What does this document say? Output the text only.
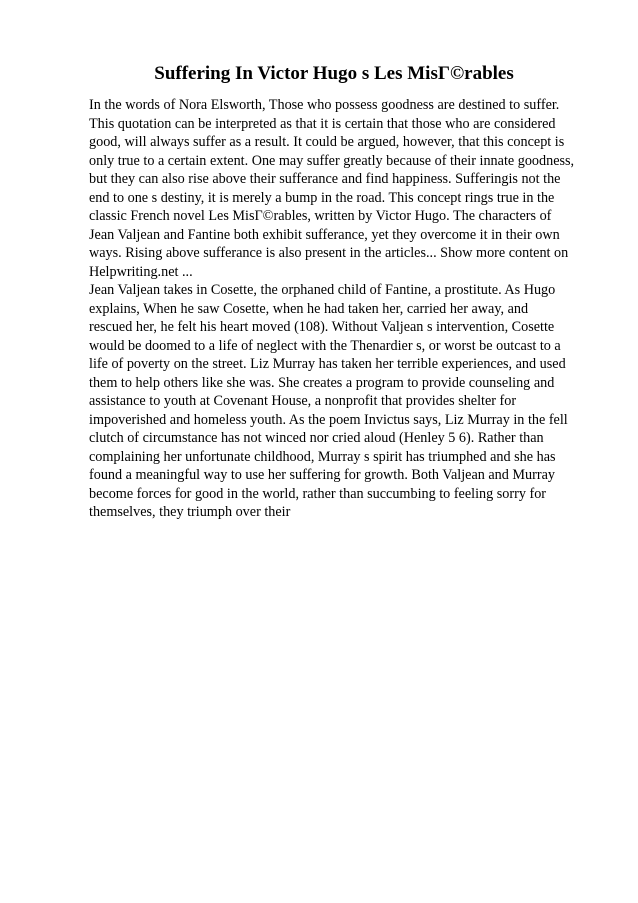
Suffering In Victor Hugo s Les MisГ©rables

In the words of Nora Elsworth, Those who possess goodness are destined to suffer.
This quotation can be interpreted as that it is certain that those who are considered
good, will always suffer as a result. It could be argued, however, that this concept is
only true to a certain extent. One may suffer greatly because of their innate goodness,
but they can also rise above their sufferance and find happiness. Sufferingis not the
end to one s destiny, it is merely a bump in the road. This concept rings true in the
classic French novel Les MisГ©rables, written by Victor Hugo. The characters of
Jean Valjean and Fantine both exhibit sufferance, yet they overcome it in their own
ways. Rising above sufferance is also present in the articles... Show more content on
Helpwriting.net ...

Jean Valjean takes in Cosette, the orphaned child of Fantine, a prostitute. As Hugo
explains, When he saw Cosette, when he had taken her, carried her away, and
rescued her, he felt his heart moved (108). Without Valjean s intervention, Cosette
would be doomed to a life of neglect with the Thenardier s, or worst be outcast to a
life of poverty on the street. Liz Murray has taken her terrible experiences, and used
them to help others like she was. She creates a program to provide counseling and
assistance to youth at Covenant House, a nonprofit that provides shelter for
impoverished and homeless youth. As the poem Invictus says, Liz Murray in the fell
clutch of circumstance has not winced nor cried aloud (Henley 5 6). Rather than
complaining her unfortunate childhood, Murray s spirit has triumphed and she has
found a meaningful way to use her suffering for growth. Both Valjean and Murray
become forces for good in the world, rather than succumbing to feeling sorry for
themselves, they triumph over their
